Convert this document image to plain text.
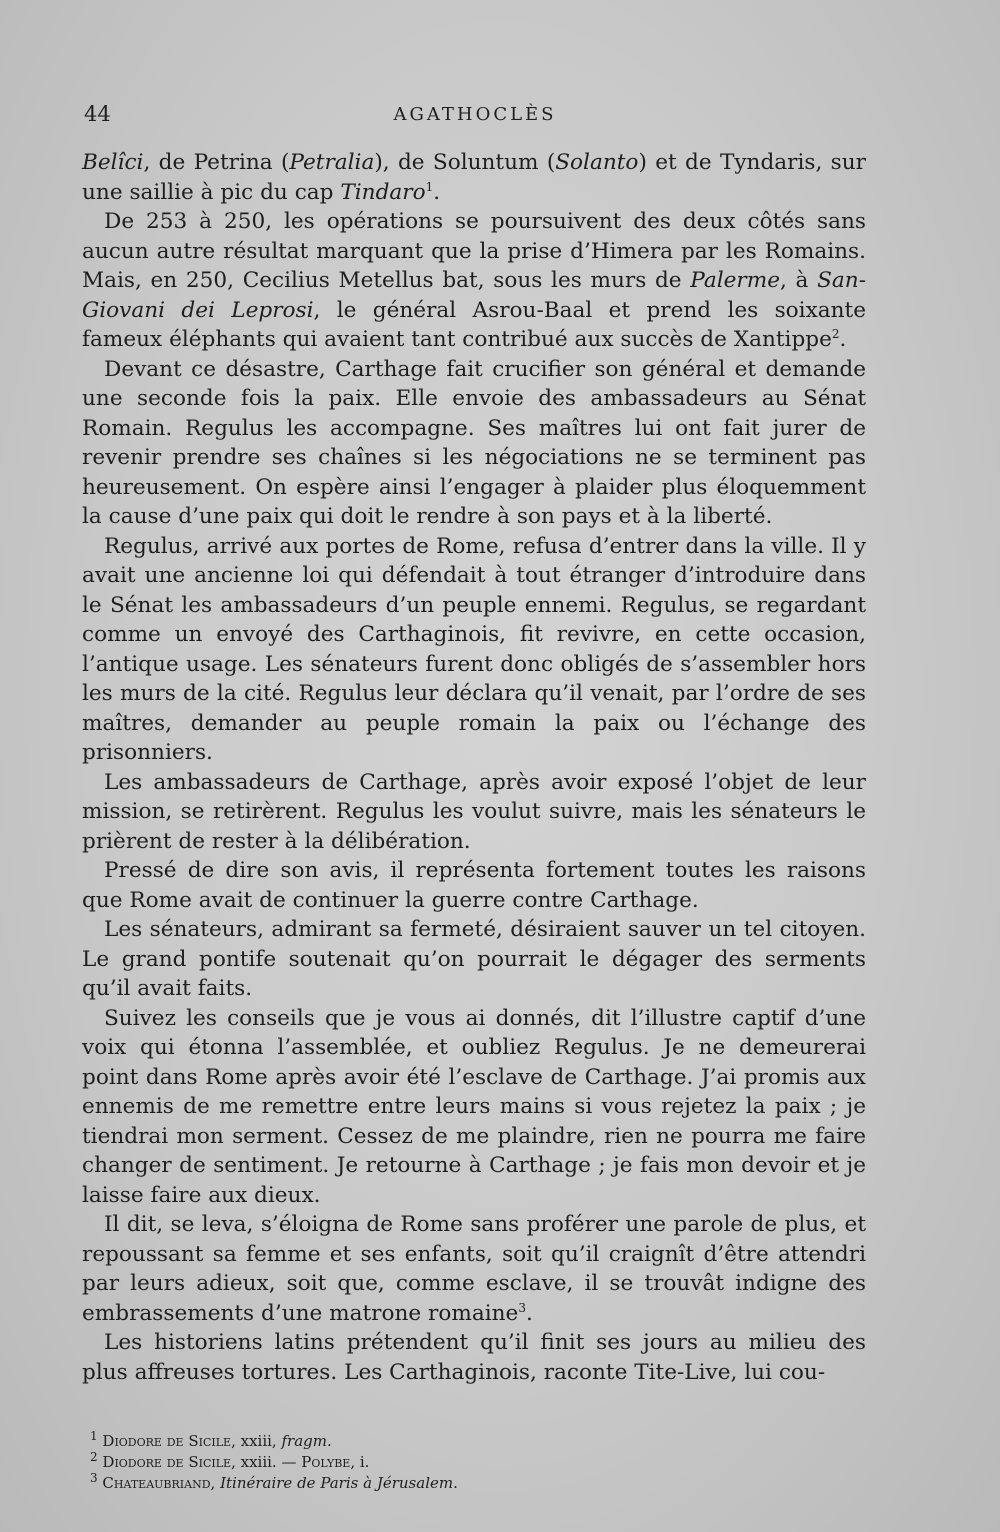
44	AGATHOCLÈS

Belîci, de Petrina (Petralia), de Soluntum (Solanto) et de Tyndaris, sur une saillie à pic du cap Tindaro$^1$.

De 253 à 250, les opérations se poursuivent des deux côtés sans aucun autre résultat marquant que la prise d’Himera par les Romains. Mais, en 250, Cecilius Metellus bat, sous les murs de Palerme, à San-Giovani dei Leprosi, le général Asrou-Baal et prend les soixante fameux éléphants qui avaient tant contribué aux succès de Xantippe$^2$.

Devant ce désastre, Carthage fait crucifier son général et demande une seconde fois la paix. Elle envoie des ambassadeurs au Sénat Romain. Regulus les accompagne. Ses maîtres lui ont fait jurer de revenir prendre ses chaînes si les négociations ne se terminent pas heureusement. On espère ainsi l’engager à plaider plus éloquemment la cause d’une paix qui doit le rendre à son pays et à la liberté.

Regulus, arrivé aux portes de Rome, refusa d’entrer dans la ville. Il y avait une ancienne loi qui défendait à tout étranger d’introduire dans le Sénat les ambassadeurs d’un peuple ennemi. Regulus, se regardant comme un envoyé des Carthaginois, fit revivre, en cette occasion, l’antique usage. Les sénateurs furent donc obligés de s’assembler hors les murs de la cité. Regulus leur déclara qu’il venait, par l’ordre de ses maîtres, demander au peuple romain la paix ou l’échange des prisonniers.

Les ambassadeurs de Carthage, après avoir exposé l’objet de leur mission, se retirèrent. Regulus les voulut suivre, mais les sénateurs le prièrent de rester à la délibération.

Pressé de dire son avis, il représenta fortement toutes les raisons que Rome avait de continuer la guerre contre Carthage.

Les sénateurs, admirant sa fermeté, désiraient sauver un tel citoyen. Le grand pontife soutenait qu’on pourrait le dégager des serments qu’il avait faits.

Suivez les conseils que je vous ai donnés, dit l’illustre captif d’une voix qui étonna l’assemblée, et oubliez Regulus. Je ne demeurerai point dans Rome après avoir été l’esclave de Carthage. J’ai promis aux ennemis de me remettre entre leurs mains si vous rejetez la paix ; je tiendrai mon serment. Cessez de me plaindre, rien ne pourra me faire changer de sentiment. Je retourne à Carthage ; je fais mon devoir et je laisse faire aux dieux.

Il dit, se leva, s’éloigna de Rome sans proférer une parole de plus, et repoussant sa femme et ses enfants, soit qu’il craignît d’être attendri par leurs adieux, soit que, comme esclave, il se trouvât indigne des embrassements d’une matrone romaine$^3$.

Les historiens latins prétendent qu’il finit ses jours au milieu des plus affreuses tortures. Les Carthaginois, raconte Tite-Live, lui cou-

$^1$ Diodore de Sicile, xxiii, fragm.
$^2$ Diodore de Sicile, xxiii. — Polybe, i.
$^3$ Chateaubriand, Itinéraire de Paris à Jérusalem.
